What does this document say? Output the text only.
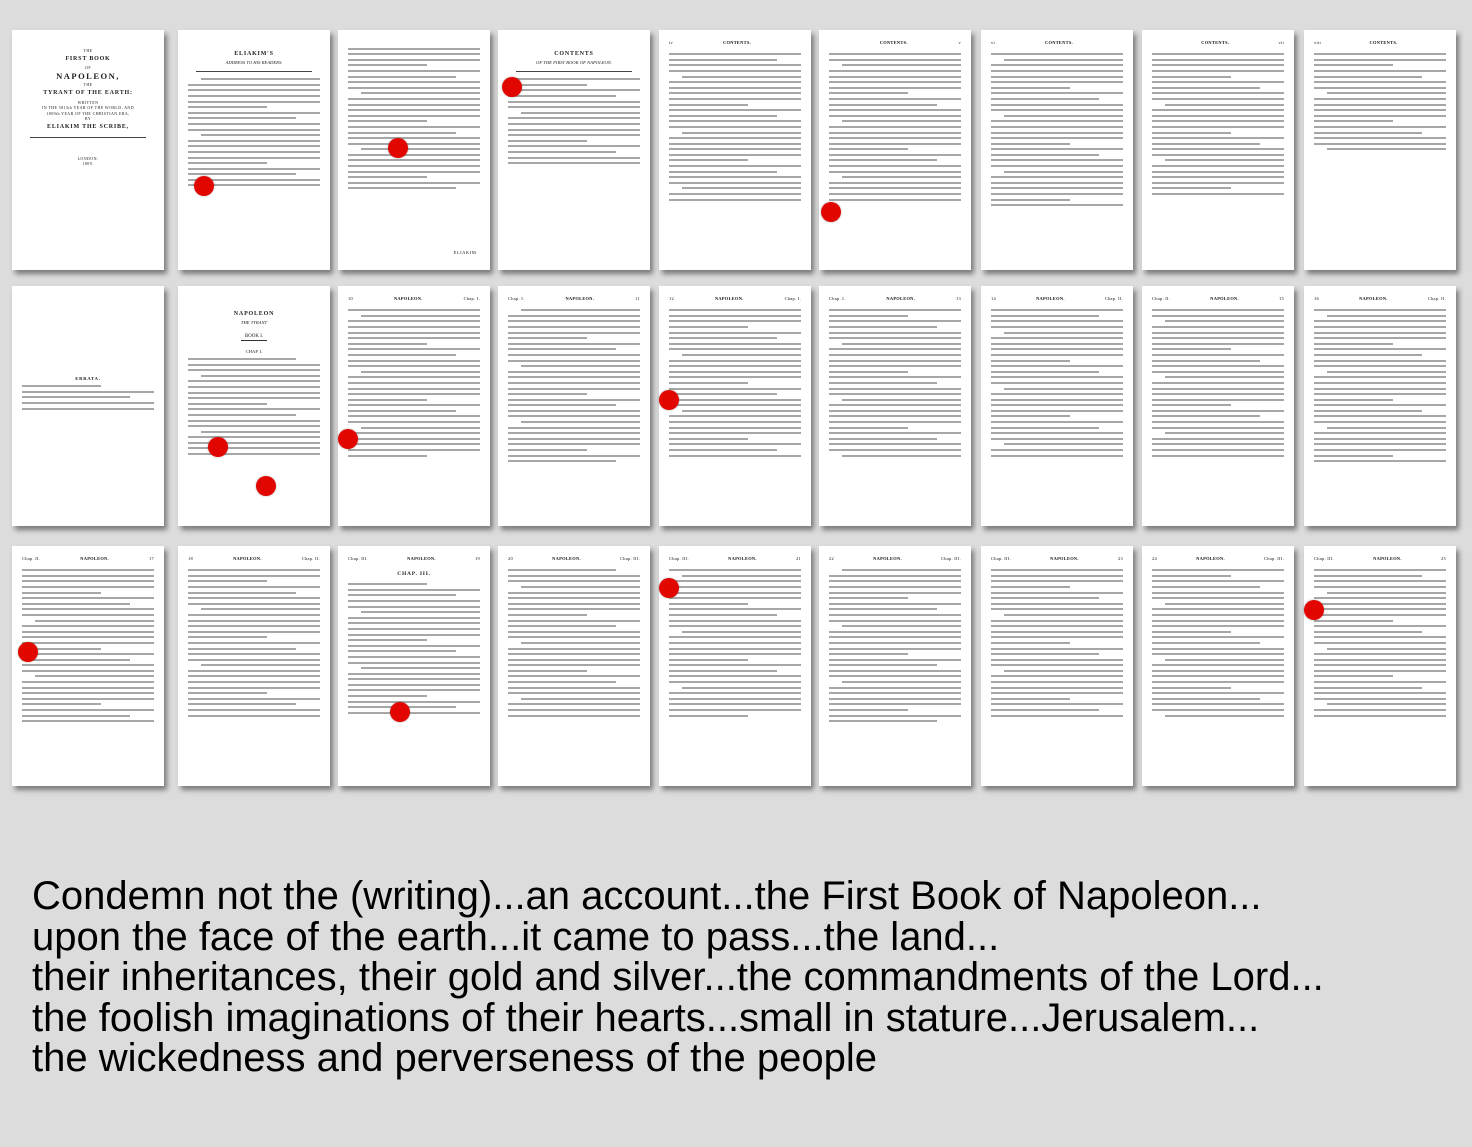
THE
FIRST BOOK
OF
NAPOLEON,
THE
TYRANT OF THE EARTH:
WRITTEN
IN THE 5813th YEAR OF THE WORLD, AND
1809th YEAR OF THE CHRISTIAN ERA,
BY
ELIAKIM THE SCRIBE,
LONDON:
1809.
ELIAKIM'S
ADDRESS TO HIS READERS.
ELIAKIM.
CONTENTS
OF THE FIRST BOOK OF NAPOLEON.
iv	CONTENTS.	CONTENTS.	v	vi	CONTENTS.	CONTENTS.	vii	viii	CONTENTS.
ERRATA.
NAPOLEON
THE TYRANT
BOOK I.
CHAP. I.
10	NAPOLEON.	Chap. I.	Chap. I.	NAPOLEON.	11	12	NAPOLEON.	Chap. I.	Chap. I.	NAPOLEON.	13	14	NAPOLEON.	Chap. II.	Chap. II.	NAPOLEON.	15	16	NAPOLEON.	Chap. II.
Chap. II.	NAPOLEON.	17	18	NAPOLEON.	Chap. II.	Chap. III.	NAPOLEON.	19
CHAP. III.
20	NAPOLEON.	Chap. III.	Chap. III.	NAPOLEON.	21	22	NAPOLEON.	Chap. III.	Chap. III.	NAPOLEON.	23	24	NAPOLEON.	Chap. III.	Chap. III.	NAPOLEON.	25
Condemn not the (writing)...an account...the First Book of Napoleon...
upon the face of the earth...it came to pass...the land...
their inheritances, their gold and silver...the commandments of the Lord...
the foolish imaginations of their hearts...small in stature...Jerusalem...
the wickedness and perverseness of the people
